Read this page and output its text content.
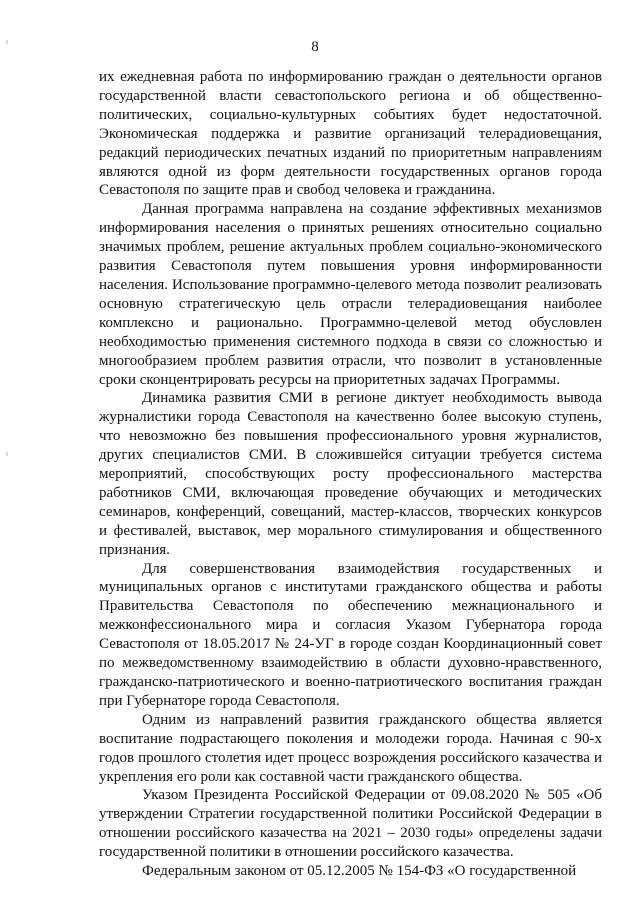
8

их ежедневная работа по информированию граждан о деятельности органов государственной власти севастопольского региона и об общественно-политических, социально-культурных событиях будет недостаточной. Экономическая поддержка и развитие организаций телерадиовещания, редакций периодических печатных изданий по приоритетным направлениям являются одной из форм деятельности государственных органов города Севастополя по защите прав и свобод человека и гражданина.

Данная программа направлена на создание эффективных механизмов информирования населения о принятых решениях относительно социально значимых проблем, решение актуальных проблем социально-экономического развития Севастополя путем повышения уровня информированности населения. Использование программно-целевого метода позволит реализовать основную стратегическую цель отрасли телерадиовещания наиболее комплексно и рационально. Программно-целевой метод обусловлен необходимостью применения системного подхода в связи со сложностью и многообразием проблем развития отрасли, что позволит в установленные сроки сконцентрировать ресурсы на приоритетных задачах Программы.

Динамика развития СМИ в регионе диктует необходимость вывода журналистики города Севастополя на качественно более высокую ступень, что невозможно без повышения профессионального уровня журналистов, других специалистов СМИ. В сложившейся ситуации требуется система мероприятий, способствующих росту профессионального мастерства работников СМИ, включающая проведение обучающих и методических семинаров, конференций, совещаний, мастер-классов, творческих конкурсов и фестивалей, выставок, мер морального стимулирования и общественного признания.

Для совершенствования взаимодействия государственных и муниципальных органов с институтами гражданского общества и работы Правительства Севастополя по обеспечению межнационального и межконфессионального мира и согласия Указом Губернатора города Севастополя от 18.05.2017 № 24-УГ в городе создан Координационный совет по межведомственному взаимодействию в области духовно-нравственного, гражданско-патриотического и военно-патриотического воспитания граждан при Губернаторе города Севастополя.

Одним из направлений развития гражданского общества является воспитание подрастающего поколения и молодежи города. Начиная с 90-х годов прошлого столетия идет процесс возрождения российского казачества и укрепления его роли как составной части гражданского общества.

Указом Президента Российской Федерации от 09.08.2020 № 505 «Об утверждении Стратегии государственной политики Российской Федерации в отношении российского казачества на 2021 – 2030 годы» определены задачи государственной политики в отношении российского казачества.

Федеральным законом от 05.12.2005 № 154-ФЗ «О государственной
